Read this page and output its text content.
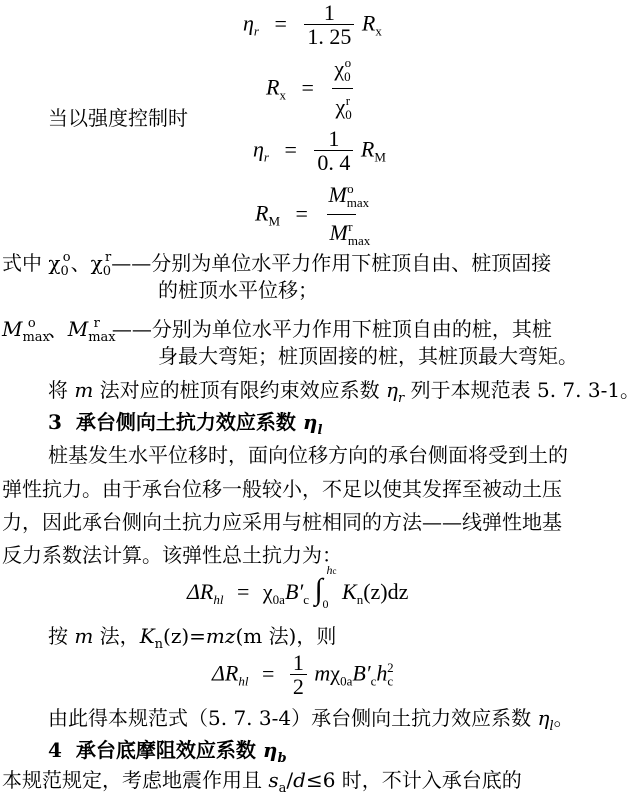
$\eta_r = \frac{1}{1. 25} R_x$
$R_x = \frac{\chi_0^o}{\chi_0^r}$
当以强度控制时
$\eta_r = \frac{1}{0. 4} R_M$
$R_M = \frac{M_{max}^o}{M_{max}^r}$
式中 $\chi_0^o$、$\chi_0^r——$分别为单位水平力作用下桩顶自由、桩顶固接
的桩顶水平位移；
$M_{max}^o$ 、$M_{max}^r$ ——分别为单位水平力作用下桩顶自由的桩，其桩
身最大弯矩；桩顶固接的桩，其桩顶最大弯矩。
将 m 法对应的桩顶有限约束效应系数 $\eta_r$ 列于本规范表 5. 7. 3-1。
3 承台侧向土抗力效应系数 $\eta_l$
桩基发生水平位移时，面向位移方向的承台侧面将受到土的
弹性抗力。由于承台位移一般较小，不足以使其发挥至被动土压
力，因此承台侧向土抗力应采用与桩相同的方法——线弹性地基
反力系数法计算。该弹性总土抗力为：
$\Delta R_{hl} = \chi_{0a}B'_c$ ∫
hc
0 $K_n(z)dz$
按 m 法，$K_n(z)=mz(m$ 法)，则
$\Delta R_{hl} = \frac{1}{2} m\chi_{0a}B'_ch_c^2$
由此得本规范式（5. 7. 3-4）承台侧向土抗力效应系数 $\eta_l$。
4 承台底摩阻效应系数 $\eta_b$
本规范规定，考虑地震作用且 $s_a/d\le 6$ 时，不计入承台底的
